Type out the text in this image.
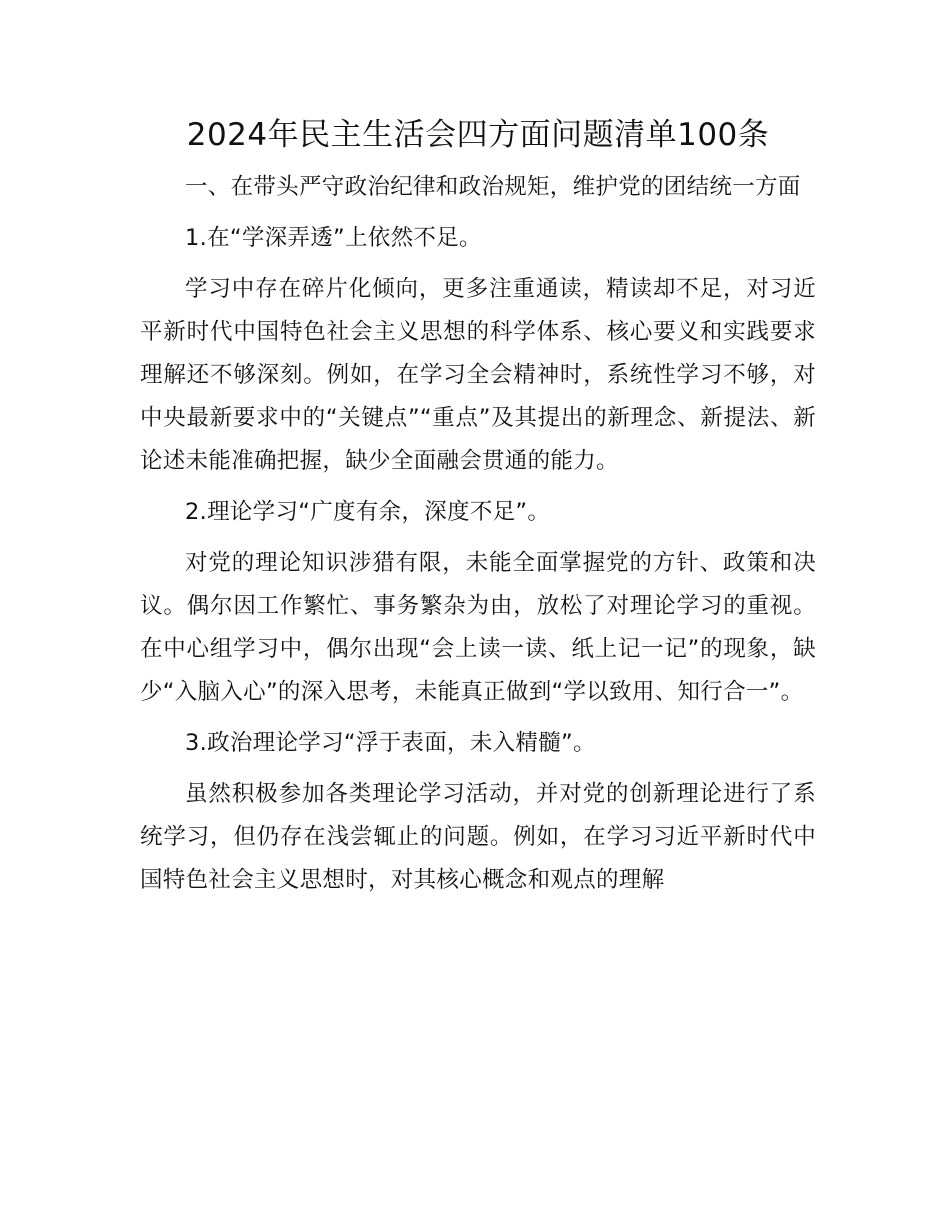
2024年民主生活会四方面问题清单100条

一、在带头严守政治纪律和政治规矩，维护党的团结统一方面

1.在“学深弄透”上依然不足。

学习中存在碎片化倾向，更多注重通读，精读却不足，对习近平新时代中国特色社会主义思想的科学体系、核心要义和实践要求理解还不够深刻。例如，在学习全会精神时，系统性学习不够，对中央最新要求中的“关键点”“重点”及其提出的新理念、新提法、新论述未能准确把握，缺少全面融会贯通的能力。

2.理论学习“广度有余，深度不足”。

对党的理论知识涉猎有限，未能全面掌握党的方针、政策和决议。偶尔因工作繁忙、事务繁杂为由，放松了对理论学习的重视。在中心组学习中，偶尔出现“会上读一读、纸上记一记”的现象，缺少“入脑入心”的深入思考，未能真正做到“学以致用、知行合一”。

3.政治理论学习“浮于表面，未入精髓”。

虽然积极参加各类理论学习活动，并对党的创新理论进行了系统学习，但仍存在浅尝辄止的问题。例如，在学习习近平新时代中国特色社会主义思想时，对其核心概念和观点的理解
